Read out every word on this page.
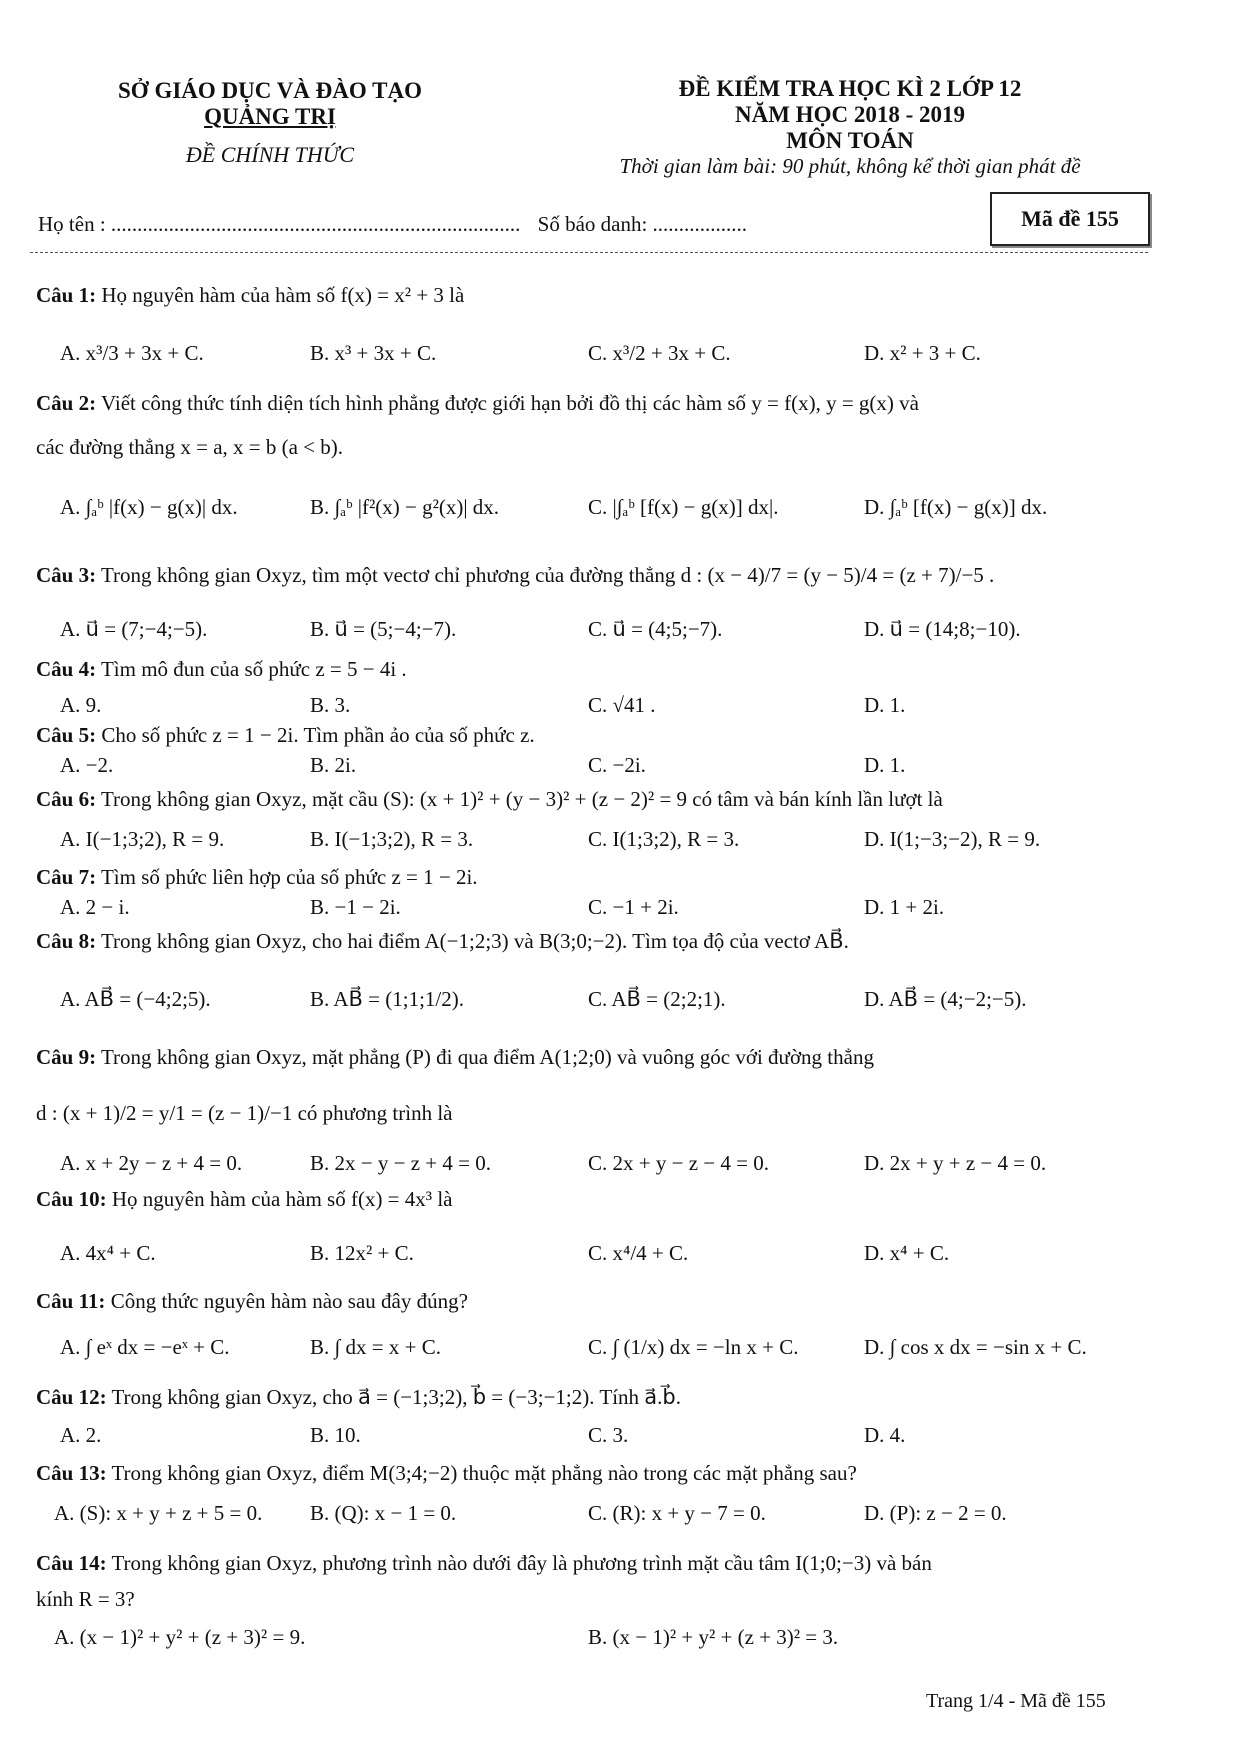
SỞ GIÁO DỤC VÀ ĐÀO TẠO
QUẢNG TRỊ
ĐỀ CHÍNH THỨC
ĐỀ KIỂM TRA HỌC KÌ 2 LỚP 12
NĂM HỌC 2018 - 2019
MÔN TOÁN
Thời gian làm bài: 90 phút, không kể thời gian phát đề
Họ tên : .............................................................................. Số báo danh: ..................	Mã đề 155
Câu 1: Họ nguyên hàm của hàm số f(x) = x² + 3 là
A. x³/3 + 3x + C.	B. x³ + 3x + C.	C. x³/2 + 3x + C.	D. x² + 3 + C.
Câu 2: Viết công thức tính diện tích hình phẳng được giới hạn bởi đồ thị các hàm số y = f(x), y = g(x) và
các đường thẳng x = a, x = b (a < b).
A. ∫ₐᵇ |f(x) − g(x)| dx.	B. ∫ₐᵇ |f²(x) − g²(x)| dx.	C. |∫ₐᵇ [f(x) − g(x)] dx|.	D. ∫ₐᵇ [f(x) − g(x)] dx.
Câu 3: Trong không gian Oxyz, tìm một vectơ chỉ phương của đường thẳng d : (x − 4)/7 = (y − 5)/4 = (z + 7)/−5 .
A. u⃗ = (7;−4;−5).	B. u⃗ = (5;−4;−7).	C. u⃗ = (4;5;−7).	D. u⃗ = (14;8;−10).
Câu 4: Tìm mô đun của số phức z = 5 − 4i .
A. 9.	B. 3.	C. √41 .	D. 1.
Câu 5: Cho số phức z = 1 − 2i. Tìm phần ảo của số phức z.
A. −2.	B. 2i.	C. −2i.	D. 1.
Câu 6: Trong không gian Oxyz, mặt cầu (S): (x + 1)² + (y − 3)² + (z − 2)² = 9 có tâm và bán kính lần lượt là
A. I(−1;3;2), R = 9.	B. I(−1;3;2), R = 3.	C. I(1;3;2), R = 3.	D. I(1;−3;−2), R = 9.
Câu 7: Tìm số phức liên hợp của số phức z = 1 − 2i.
A. 2 − i.	B. −1 − 2i.	C. −1 + 2i.	D. 1 + 2i.
Câu 8: Trong không gian Oxyz, cho hai điểm A(−1;2;3) và B(3;0;−2). Tìm tọa độ của vectơ AB⃗.
A. AB⃗ = (−4;2;5).	B. AB⃗ = (1;1;1/2).	C. AB⃗ = (2;2;1).	D. AB⃗ = (4;−2;−5).
Câu 9: Trong không gian Oxyz, mặt phẳng (P) đi qua điểm A(1;2;0) và vuông góc với đường thẳng
d : (x + 1)/2 = y/1 = (z − 1)/−1 có phương trình là
A. x + 2y − z + 4 = 0.	B. 2x − y − z + 4 = 0.	C. 2x + y − z − 4 = 0.	D. 2x + y + z − 4 = 0.
Câu 10: Họ nguyên hàm của hàm số f(x) = 4x³ là
A. 4x⁴ + C.	B. 12x² + C.	C. x⁴/4 + C.	D. x⁴ + C.
Câu 11: Công thức nguyên hàm nào sau đây đúng?
A. ∫ eˣ dx = −eˣ + C.	B. ∫ dx = x + C.	C. ∫ (1/x) dx = −ln x + C.	D. ∫ cos x dx = −sin x + C.
Câu 12: Trong không gian Oxyz, cho a⃗ = (−1;3;2), b⃗ = (−3;−1;2). Tính a⃗.b⃗.
A. 2.	B. 10.	C. 3.	D. 4.
Câu 13: Trong không gian Oxyz, điểm M(3;4;−2) thuộc mặt phẳng nào trong các mặt phẳng sau?
A. (S): x + y + z + 5 = 0. B. (Q): x − 1 = 0.	C. (R): x + y − 7 = 0.	D. (P): z − 2 = 0.
Câu 14: Trong không gian Oxyz, phương trình nào dưới đây là phương trình mặt cầu tâm I(1;0;−3) và bán
kính R = 3?
A. (x − 1)² + y² + (z + 3)² = 9.	B. (x − 1)² + y² + (z + 3)² = 3.
Trang 1/4 - Mã đề 155
